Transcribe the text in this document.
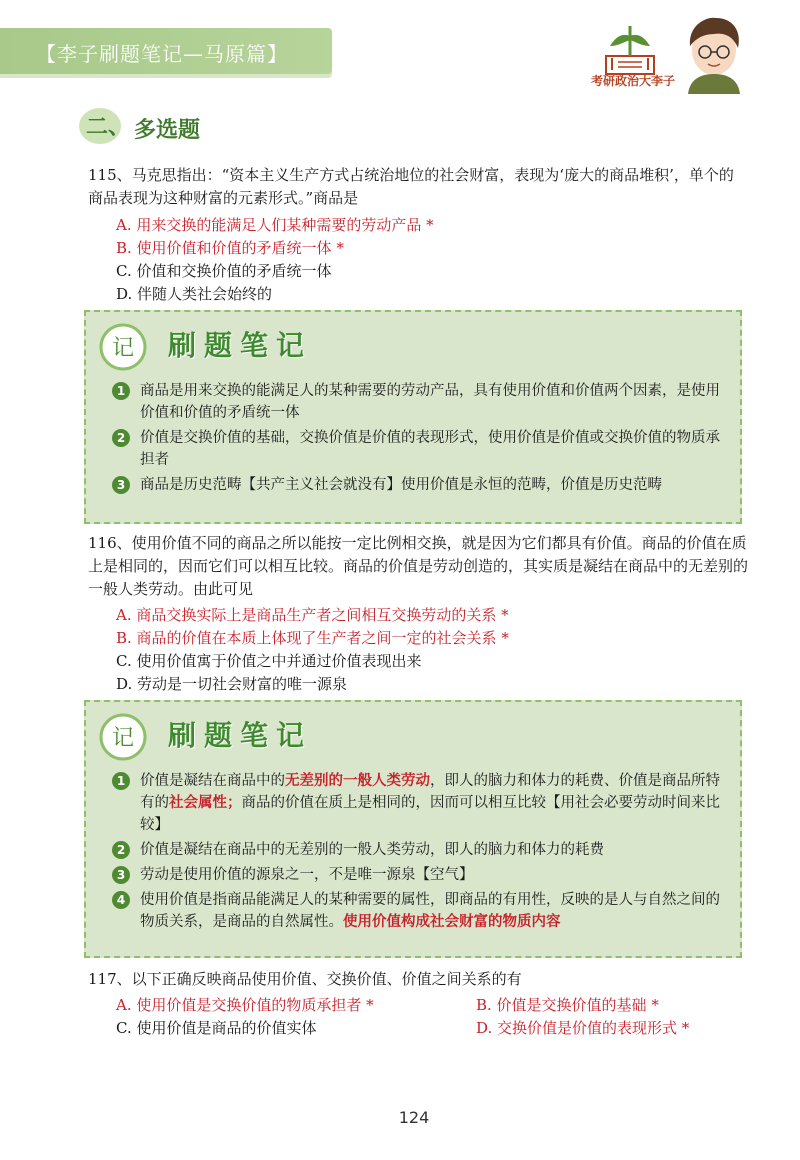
【李子刷题笔记—马原篇】
考研政治大李子
二、 多选题
115、马克思指出：“资本主义生产方式占统治地位的社会财富，表现为‘庞大的商品堆积’，单个的商品表现为这种财富的元素形式。”商品是
A. 用来交换的能满足人们某种需要的劳动产品 *
B. 使用价值和价值的矛盾统一体 *
C. 价值和交换价值的矛盾统一体
D. 伴随人类社会始终的
记 刷题笔记
1	商品是用来交换的能满足人的某种需要的劳动产品，具有使用价值和价值两个因素，是使用价值和价值的矛盾统一体
2	价值是交换价值的基础，交换价值是价值的表现形式，使用价值是价值或交换价值的物质承担者
3	商品是历史范畴【共产主义社会就没有】使用价值是永恒的范畴，价值是历史范畴
116、使用价值不同的商品之所以能按一定比例相交换，就是因为它们都具有价值。商品的价值在质上是相同的，因而它们可以相互比较。商品的价值是劳动创造的，其实质是凝结在商品中的无差别的一般人类劳动。由此可见
A. 商品交换实际上是商品生产者之间相互交换劳动的关系 *
B. 商品的价值在本质上体现了生产者之间一定的社会关系 *
C. 使用价值寓于价值之中并通过价值表现出来
D. 劳动是一切社会财富的唯一源泉
记 刷题笔记
1	价值是凝结在商品中的无差别的一般人类劳动，即人的脑力和体力的耗费、价值是商品所特有的社会属性；商品的价值在质上是相同的，因而可以相互比较【用社会必要劳动时间来比较】
2	价值是凝结在商品中的无差别的一般人类劳动，即人的脑力和体力的耗费
3	劳动是使用价值的源泉之一，不是唯一源泉【空气】
4	使用价值是指商品能满足人的某种需要的属性，即商品的有用性，反映的是人与自然之间的物质关系，是商品的自然属性。使用价值构成社会财富的物质内容
117、以下正确反映商品使用价值、交换价值、价值之间关系的有
A. 使用价值是交换价值的物质承担者 *	B. 价值是交换价值的基础 *
C. 使用价值是商品的价值实体	D. 交换价值是价值的表现形式 *
124
